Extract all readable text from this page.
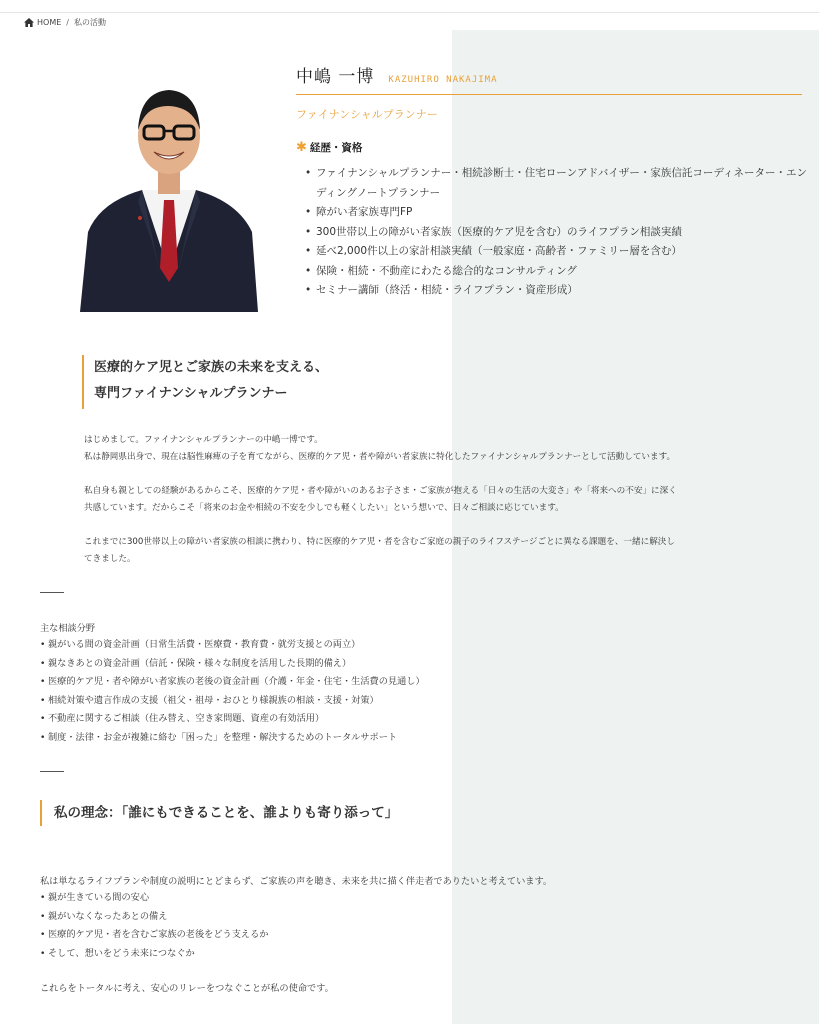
HOME / 私の活動
中嶋 一博 KAZUHIRO NAKAJIMA
ファイナンシャルプランナー
✱ 経歴・資格
• ファイナンシャルプランナー・相続診断士・住宅ローンアドバイザー・家族信託コーディネーター・エンディングノートプランナー
• 障がい者家族専門FP
• 300世帯以上の障がい者家族（医療的ケア児を含む）のライフプラン相談実績
• 延べ2,000件以上の家計相談実績（一般家庭・高齢者・ファミリー層を含む）
• 保険・相続・不動産にわたる総合的なコンサルティング
• セミナー講師（終活・相続・ライフプラン・資産形成）
医療的ケア児とご家族の未来を支える、
専門ファイナンシャルプランナー

はじめまして。ファイナンシャルプランナーの中嶋一博です。

私は静岡県出身で、現在は脳性麻痺の子を育てながら、医療的ケア児・者や障がい者家族に特化したファイナンシャルプランナーとして活動しています。

私自身も親としての経験があるからこそ、医療的ケア児・者や障がいのあるお子さま・ご家族が抱える「日々の生活の大変さ」や「将来への不安」に深く

共感しています。だからこそ「将来のお金や相続の不安を少しでも軽くしたい」という想いで、日々ご相談に応じています。

これまでに300世帯以上の障がい者家族の相談に携わり、特に医療的ケア児・者を含むご家庭の親子のライフステージごとに異なる課題を、一緒に解決し

てきました。

主な相談分野
• 親がいる間の資金計画（日常生活費・医療費・教育費・就労支援との両立）
• 親なきあとの資金計画（信託・保険・様々な制度を活用した長期的備え）
• 医療的ケア児・者や障がい者家族の老後の資金計画（介護・年金・住宅・生活費の見通し）
• 相続対策や遺言作成の支援（祖父・祖母・おひとり様親族の相談・支援・対策）
• 不動産に関するご相談（住み替え、空き家問題、資産の有効活用）
• 制度・法律・お金が複雑に絡む「困った」を整理・解決するためのトータルサポート
私の理念：「誰にもできることを、誰よりも寄り添って」
私は単なるライフプランや制度の説明にとどまらず、ご家族の声を聴き、未来を共に描く伴走者でありたいと考えています。
• 親が生きている間の安心
• 親がいなくなったあとの備え
• 医療的ケア児・者を含むご家族の老後をどう支えるか
• そして、想いをどう未来につなぐか
これらをトータルに考え、安心のリレーをつなぐことが私の使命です。
